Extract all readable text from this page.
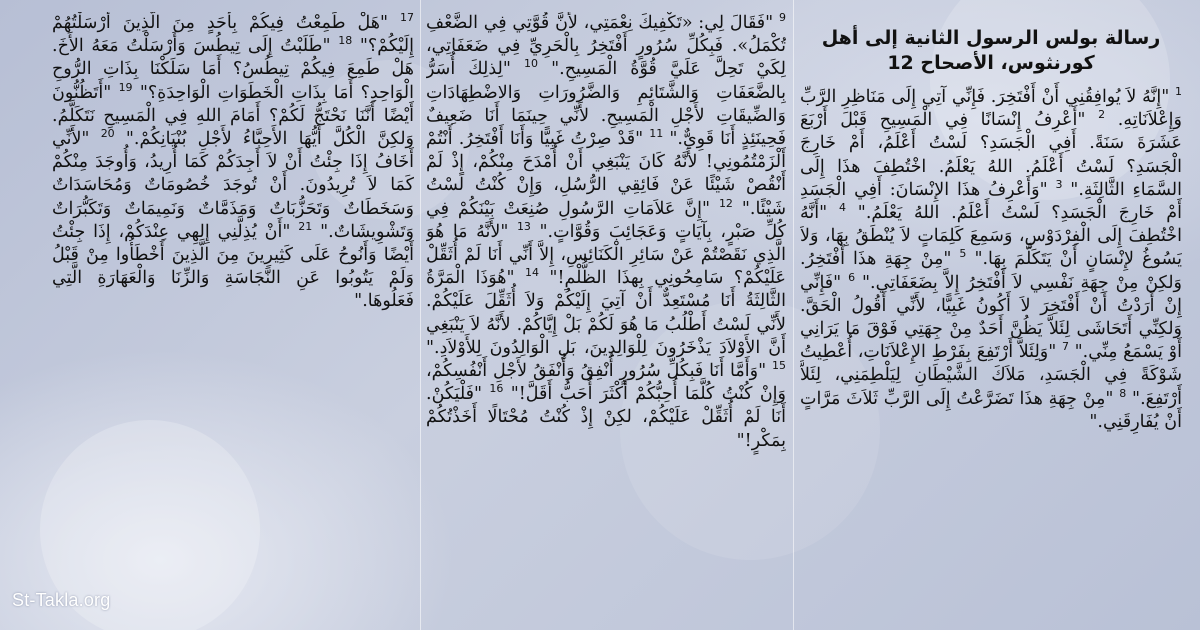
رسالة بولس الرسول الثانية إلى أهل كورنثوس، الأصحاح 12
$^1$ "إِنَّهُ لاَ يُوافِقُنِي أَنْ أَفْتَخِرَ. فَإِنِّي آتِي إِلَى مَنَاظِرِ الرَّبِّ وَإِعْلاَنَاتِهِ. $^2$ "أَعْرِفُ إِنْسَانًا فِي الْمَسِيحِ قَبْلَ أَرْبَعَ عَشَرَةَ سَنَةً. أَفِي الْجَسَدِ؟ لَسْتُ أَعْلَمُ، أَمْ خَارِجَ الْجَسَدِ؟ لَسْتُ أَعْلَمُ. اللهُ يَعْلَمُ. اخْتُطِفَ هذَا إِلَى السَّمَاءِ الثَّالِثَةِ." $^3$ "وَأَعْرِفُ هذَا الإِنْسَانَ: أَفِي الْجَسَدِ أَمْ خَارِجَ الْجَسَدِ؟ لَسْتُ أَعْلَمُ. اللهُ يَعْلَمُ." $^4$ "أَنَّهُ اخْتُطِفَ إِلَى الْفِرْدَوْسِ، وَسَمِعَ كَلِمَاتٍ لاَ يُنْطَقُ بِهَا، وَلاَ يَسُوغُ لإِنْسَانٍ أَنْ يَتَكَلَّمَ بِهَا." $^5$ "مِنْ جِهَةِ هذَا أَفْتَخِرُ. وَلكِنْ مِنْ جِهَةِ نَفْسِي لاَ أَفْتَخِرُ إِلاَّ بِضَعَفَاتِي." $^6$ "فَإِنِّي إِنْ أَرَدْتُ أَنْ أَفْتَخِرَ لاَ أَكُونُ غَبِيًّا، لأَنِّي أَقُولُ الْحَقَّ. وَلكِنِّي أَتَحَاشَى لِئَلاَّ يَظُنَّ أَحَدٌ مِنْ جِهَتِي فَوْقَ مَا يَرَانِي أَوْ يَسْمَعُ مِنِّي." $^7$ "وَلِئَلاَّ أَرْتَفِعَ بِفَرْطِ الإِعْلاَنَاتِ، أُعْطِيتُ شَوْكَةً فِي الْجَسَدِ، مَلاَكَ الشَّيْطَانِ لِيَلْطِمَنِي، لِئَلاَّ أَرْتَفِعَ." $^8$ "مِنْ جِهَةِ هذَا تَضَرَّعْتُ إِلَى الرَّبِّ ثَلاَثَ مَرَّاتٍ أَنْ يُفَارِقَنِي."
$^9$ "فَقَالَ لِي: «تَكْفِيكَ نِعْمَتِي، لأَنَّ قُوَّتِي فِي الضَّعْفِ تُكْمَلُ». فَبِكُلِّ سُرُورٍ أَفْتَخِرُ بِالْحَرِيِّ فِي ضَعَفَاتِي، لِكَيْ تَحِلَّ عَلَيَّ قُوَّةُ الْمَسِيحِ." $^{10}$ "لِذلِكَ أُسَرُّ بِالضَّعَفَاتِ وَالشَّتَائِمِ وَالضَّرُورَاتِ وَالاضْطِهَادَاتِ وَالضِّيقَاتِ لأَجْلِ الْمَسِيحِ. لأَنِّي حِينَمَا أَنَا ضَعِيفٌ فَحِينَئِذٍ أَنَا قَوِيٌّ." $^{11}$ "قَدْ صِرْتُ غَبِيًّا وَأَنَا أَفْتَخِرُ. أَنْتُمْ أَلْزَمْتُمُونِي! لأَنَّهُ كَانَ يَنْبَغِي أَنْ أُمْدَحَ مِنْكُمْ، إِذْ لَمْ أَنْقُصْ شَيْئًا عَنْ فَائِقِي الرُّسُلِ، وَإِنْ كُنْتُ لَسْتُ شَيْئًا." $^{12}$ "إِنَّ عَلاَمَاتِ الرَّسُولِ صُنِعَتْ بَيْنَكُمْ فِي كُلِّ صَبْرٍ، بِآيَاتٍ وَعَجَائِبَ وَقُوَّاتٍ." $^{13}$ "لأَنَّهُ مَا هُوَ الَّذِي نَقَصْتُمْ عَنْ سَائِرِ الْكَنَائِسِ، إِلاَّ أَنِّي أَنَا لَمْ أُثَقِّلْ عَلَيْكُمْ؟ سَامِحُونِي بِهذَا الظُّلْمِ!" $^{14}$ "هُوَذَا الْمَرَّةُ الثَّالِثَةُ أَنَا مُسْتَعِدٌّ أَنْ آتِيَ إِلَيْكُمْ وَلاَ أُثَقِّلَ عَلَيْكُمْ. لأَنِّي لَسْتُ أَطْلُبُ مَا هُوَ لَكُمْ بَلْ إِيَّاكُمْ. لأَنَّهُ لاَ يَنْبَغِي أَنَّ الأَوْلاَدَ يَذْخَرُونَ لِلْوَالِدِينَ، بَلِ الْوَالِدُونَ لِلأَوْلاَدِ." $^{15}$ "وَأَمَّا أَنَا فَبِكُلِّ سُرُورٍ أُنْفِقُ وَأُنْفَقُ لأَجْلِ أَنْفُسِكُمْ، وَإِنْ كُنْتُ كُلَّمَا أُحِبُّكُمْ أَكْثَرَ أُحَبُّ أَقَلَّ!" $^{16}$ "فَلْيَكُنْ. أَنَا لَمْ أُثَقِّلْ عَلَيْكُمْ، لكِنْ إِذْ كُنْتُ مُحْتَالًا أَخَذْتُكُمْ بِمَكْرٍ!"
$^{17}$ "هَلْ طَمِعْتُ فِيكُمْ بِأَحَدٍ مِنَ الَّذِينَ أَرْسَلْتُهُمْ إِلَيْكُمْ؟" $^{18}$ "طَلَبْتُ إِلَى تِيطُسَ وَأَرْسَلْتُ مَعَهُ الأَخَ. هَلْ طَمِعَ فِيكُمْ تِيطُسُ؟ أَمَا سَلَكْنَا بِذَاتِ الرُّوحِ الْوَاحِدِ؟ أَمَا بِذَاتِ الْخَطَوَاتِ الْوَاحِدَةِ؟" $^{19}$ "أَتَظُنُّونَ أَيْضًا أَنَّنَا نَحْتَجُّ لَكُمْ؟ أَمَامَ اللهِ فِي الْمَسِيحِ نَتَكَلَّمُ. وَلكِنَّ الْكُلَّ أَيُّهَا الأَحِبَّاءُ لأَجْلِ بُنْيَانِكُمْ." $^{20}$ "لأَنِّي أَخَافُ إِذَا جِئْتُ أَنْ لاَ أَجِدَكُمْ كَمَا أُرِيدُ، وَأُوجَدَ مِنْكُمْ كَمَا لاَ تُرِيدُونَ. أَنْ تُوجَدَ خُصُومَاتٌ وَمُحَاسَدَاتٌ وَسَخَطَاتٌ وَتَحَزُّبَاتٌ وَمَذَمَّاتٌ وَنَمِيمَاتٌ وَتَكَبُّرَاتٌ وَتَشْوِيشَاتٌ." $^{21}$ "أَنْ يُذِلَّنِي إِلهِي عِنْدَكُمْ، إِذَا جِئْتُ أَيْضًا وَأَنُوحُ عَلَى كَثِيرِينَ مِنَ الَّذِينَ أَخْطَأُوا مِنْ قَبْلُ وَلَمْ يَتُوبُوا عَنِ النَّجَاسَةِ وَالزِّنَا وَالْعَهَارَةِ الَّتِي فَعَلُوهَا."
St-Takla.org
